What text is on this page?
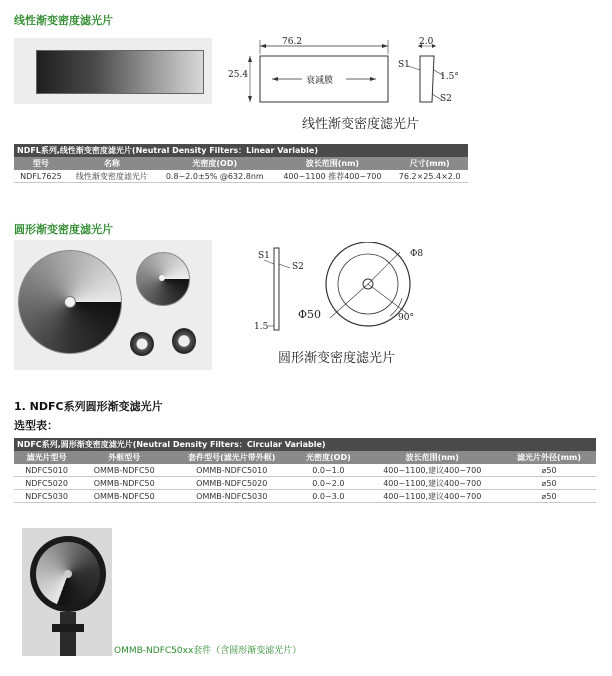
线性渐变密度滤光片
76.2
25.4
衰减膜
2.0
S1
1.5°
S2
线性渐变密度滤光片
NDFL系列,线性渐变密度滤光片(Neutral Density Filters：Linear Variable)				
型号	名称	光密度(OD)	波长范围(nm)	尺寸(mm)
NDFL7625	线性渐变密度滤光片	0.8~2.0±5% @632.8nm	400~1100 推荐400~700	76.2×25.4×2.0
圆形渐变密度滤光片
S1
S2
1.5
Φ50
Φ8
90°
圆形渐变密度滤光片
1. NDFC系列圆形渐变滤光片
选型表：
NDFC系列,圆形渐变密度滤光片(Neutral Density Filters：Circular Variable)					
滤光片型号	外框型号	套件型号(滤光片带外框)	光密度(OD)	波长范围(nm)	滤光片外径(mm)
NDFC5010	OMMB-NDFC50	OMMB-NDFC5010	0.0~1.0	400~1100,建议400~700	⌀50
NDFC5020	OMMB-NDFC50	OMMB-NDFC5020	0.0~2.0	400~1100,建议400~700	⌀50
NDFC5030	OMMB-NDFC50	OMMB-NDFC5030	0.0~3.0	400~1100,建议400~700	⌀50
OMMB-NDFC50xx套件（含圆形渐变滤光片）
